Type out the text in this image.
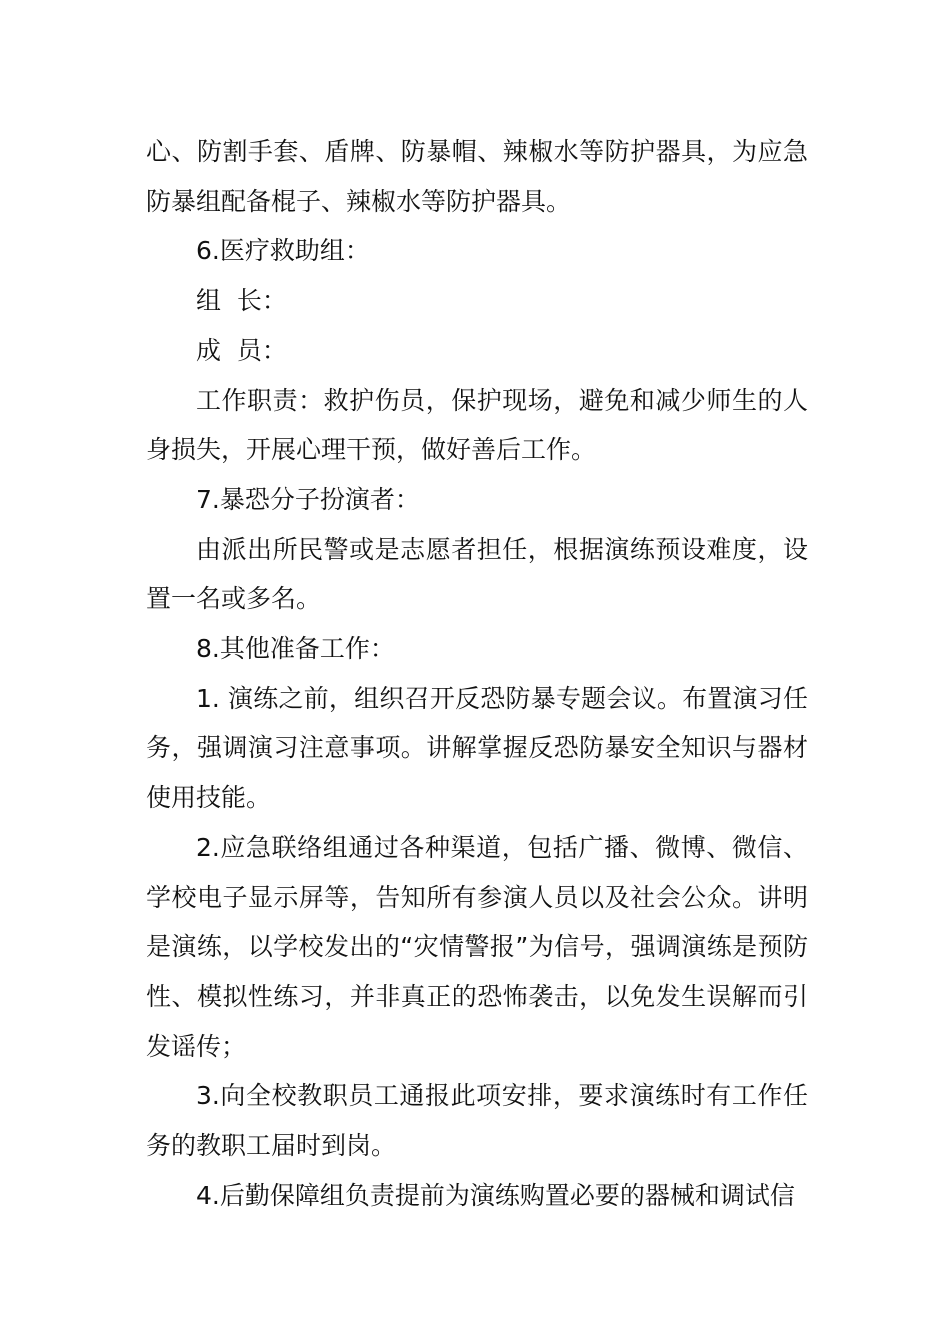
心、防割手套、盾牌、防暴帽、辣椒水等防护器具，为应急防暴组配备棍子、辣椒水等防护器具。

6.医疗救助组：

组  长：

成  员：

工作职责：救护伤员，保护现场，避免和减少师生的人身损失，开展心理干预，做好善后工作。

7.暴恐分子扮演者：

由派出所民警或是志愿者担任，根据演练预设难度，设置一名或多名。

8.其他准备工作：

1. 演练之前，组织召开反恐防暴专题会议。布置演习任务，强调演习注意事项。讲解掌握反恐防暴安全知识与器材使用技能。

2.应急联络组通过各种渠道，包括广播、微博、微信、学校电子显示屏等，告知所有参演人员以及社会公众。讲明是演练，以学校发出的“灾情警报”为信号，强调演练是预防性、模拟性练习，并非真正的恐怖袭击，以免发生误解而引发谣传；

3.向全校教职员工通报此项安排，要求演练时有工作任务的教职工届时到岗。

4.后勤保障组负责提前为演练购置必要的器械和调试信
